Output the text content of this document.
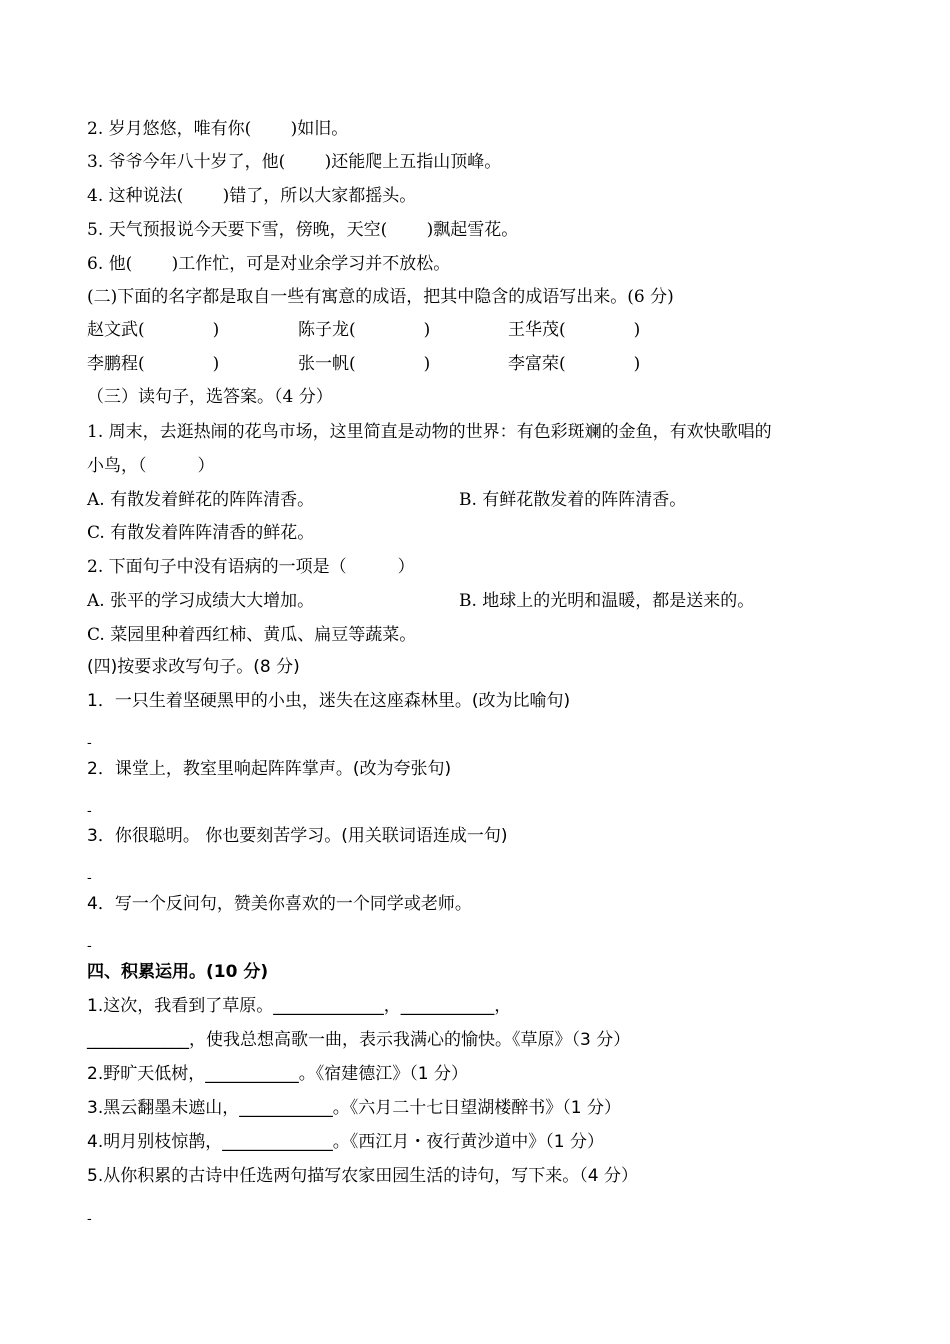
2. 岁月悠悠，唯有你(　　 )如旧。
3. 爷爷今年八十岁了，他(　　 )还能爬上五指山顶峰。
4. 这种说法(　　 )错了，所以大家都摇头。
5. 天气预报说今天要下雪，傍晚，天空(　　 )飘起雪花。
6. 他(　　 )工作忙，可是对业余学习并不放松。
(二)下面的名字都是取自一些有寓意的成语，把其中隐含的成语写出来。(6 分)
赵文武(　　　　)	陈子龙(　　　　)	王华茂(　　　　)
李鹏程(　　　　)	张一帆(　　　　)	李富荣(　　　　)
（三）读句子，选答案。（4 分）
1. 周末，去逛热闹的花鸟市场，这里简直是动物的世界：有色彩斑斓的金鱼，有欢快歌唱的
小鸟，（　　　）
A. 有散发着鲜花的阵阵清香。	B. 有鲜花散发着的阵阵清香。
C. 有散发着阵阵清香的鲜花。
2. 下面句子中没有语病的一项是（　　　）
A. 张平的学习成绩大大增加。	B. 地球上的光明和温暖，都是送来的。
C. 菜园里种着西红柿、黄瓜、扁豆等蔬菜。
(四)按要求改写句子。(8 分)
1．一只生着坚硬黑甲的小虫，迷失在这座森林里。(改为比喻句)
-
2．课堂上，教室里响起阵阵掌声。(改为夸张句)
-
3．你很聪明。 你也要刻苦学习。(用关联词语连成一句)
-
4．写一个反问句，赞美你喜欢的一个同学或老师。
-
四、积累运用。(10 分)
1.这次，我看到了草原。_____________，___________，
____________，使我总想高歌一曲，表示我满心的愉快。《草原》（3 分）
2.野旷天低树，___________。《宿建德江》（1 分）
3.黑云翻墨未遮山，___________。《六月二十七日望湖楼醉书》（1 分）
4.明月别枝惊鹊，_____________。《西江月・夜行黄沙道中》（1 分）
5.从你积累的古诗中任选两句描写农家田园生活的诗句，写下来。（4 分）
-
